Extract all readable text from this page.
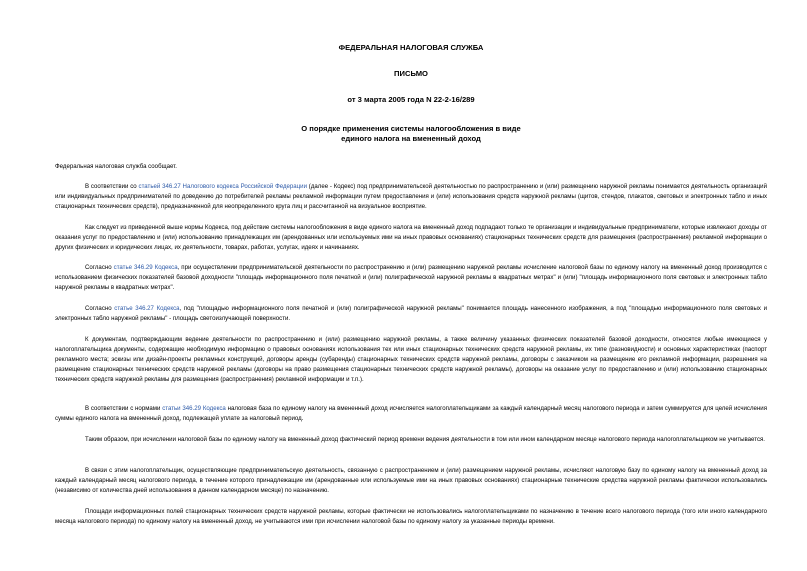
ФЕДЕРАЛЬНАЯ НАЛОГОВАЯ СЛУЖБА
ПИСЬМО
от 3 марта 2005 года N 22-2-16/289
О порядке применения системы налогообложения в виде
единого налога на вмененный доход

Федеральная налоговая служба сообщает.

В соответствии со статьей 346.27 Налогового кодекса Российской Федерации (далее - Кодекс) под предпринимательской деятельностью по распространению и (или) размещению наружной рекламы понимается деятельность организаций или индивидуальных предпринимателей по доведению до потребителей рекламы рекламной информации путем предоставления и (или) использования средств наружной рекламы (щитов, стендов, плакатов, световых и электронных табло и иных стационарных технических средств), предназначенной для неопределенного круга лиц и рассчитанной на визуальное восприятие.

Как следует из приведенной выше нормы Кодекса, под действие системы налогообложения в виде единого налога на вмененный доход подпадают только те организации и индивидуальные предприниматели, которые извлекают доходы от оказания услуг по предоставлению и (или) использованию принадлежащих им (арендованных или используемых ими на иных правовых основаниях) стационарных технических средств для размещения (распространения) рекламной информации о других физических и юридических лицах, их деятельности, товарах, работах, услугах, идеях и начинаниях.

Согласно статье 346.29 Кодекса, при осуществлении предпринимательской деятельности по распространению и (или) размещению наружной рекламы исчисление налоговой базы по единому налогу на вмененный доход производится с использованием физических показателей базовой доходности "площадь информационного поля печатной и (или) полиграфической наружной рекламы в квадратных метрах" и (или) "площадь информационного поля световых и электронных табло наружной рекламы в квадратных метрах".

Согласно статье 346.27 Кодекса, под "площадью информационного поля печатной и (или) полиграфической наружной рекламы" понимается площадь нанесенного изображения, а под "площадью информационного поля световых и электронных табло наружной рекламы" - площадь светоизлучающей поверхности.

К документам, подтверждающим ведение деятельности по распространению и (или) размещению наружной рекламы, а также величину указанных физических показателей базовой доходности, относятся любые имеющиеся у налогоплательщика документы, содержащие необходимую информацию о правовых основаниях использования тех или иных стационарных технических средств наружной рекламы, их типе (разновидности) и основных характеристиках (паспорт рекламного места; эскизы или дизайн-проекты рекламных конструкций, договоры аренды (субаренды) стационарных технических средств наружной рекламы, договоры с заказчиком на размещение его рекламной информации, разрешения на размещение стационарных технических средств наружной рекламы (договоры на право размещения стационарных технических средств наружной рекламы), договоры на оказание услуг по предоставлению и (или) использованию стационарных технических средств наружной рекламы для размещения (распространения) рекламной информации и т.п.).

В соответствии с нормами статьи 346.29 Кодекса налоговая база по единому налогу на вмененный доход исчисляется налогоплательщиками за каждый календарный месяц налогового периода и затем суммируется для целей исчисления суммы единого налога на вмененный доход, подлежащей уплате за налоговый период.

Таким образом, при исчислении налоговой базы по единому налогу на вмененный доход фактический период времени ведения деятельности в том или ином календарном месяце налогового периода налогоплательщиком не учитывается.

В связи с этим налогоплательщик, осуществляющие предпринимательскую деятельность, связанную с распространением и (или) размещением наружной рекламы, исчисляют налоговую базу по единому налогу на вмененный доход за каждый календарный месяц налогового периода, в течение которого принадлежащие им (арендованные или используемые ими на иных правовых основаниях) стационарные технические средства наружной рекламы фактически использовались (независимо от количества дней использования в данном календарном месяце) по назначению.

Площади информационных полей стационарных технических средств наружной рекламы, которые фактически не использовались налогоплательщиками по назначению в течение всего налогового периода (того или иного календарного месяца налогового периода) по единому налогу на вмененный доход, не учитываются ими при исчислении налоговой базы по единому налогу за указанные периоды времени.
